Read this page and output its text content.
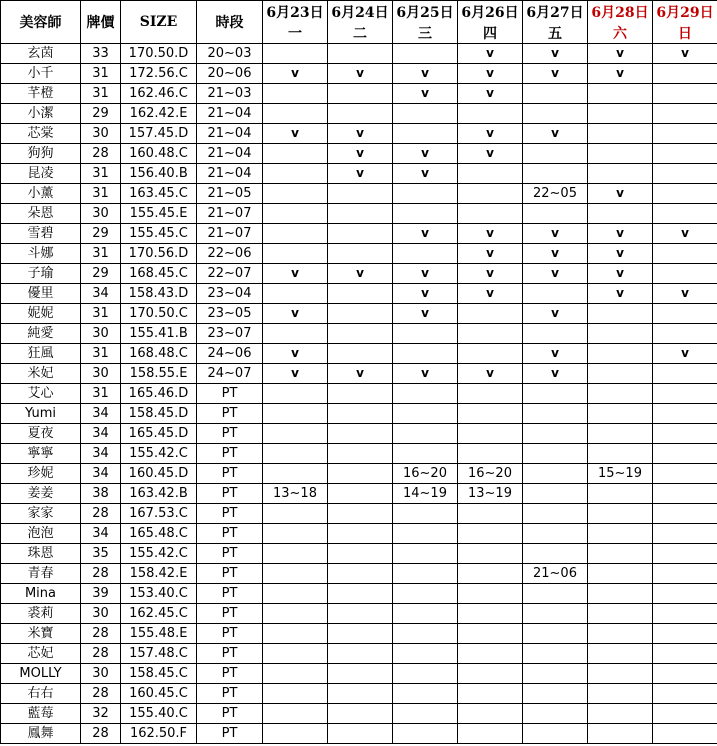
美容師	牌價	SIZE	時段	6月23日	6月24日	6月25日	6月26日	6月27日	6月28日	6月29日
				一	二	三	四	五	六	日
玄茵	33	170.50.D	20~03				v	v	v	v
小千	31	172.56.C	20~06	v	v	v	v	v	v	
芊橙	31	162.46.C	21~03			v	v			
小潔	29	162.42.E	21~04							
芯棠	30	157.45.D	21~04	v	v		v	v		
狗狗	28	160.48.C	21~04		v	v	v			
昆凌	31	156.40.B	21~04		v	v				
小薰	31	163.45.C	21~05					22~05	v	
朵恩	30	155.45.E	21~07							
雪碧	29	155.45.C	21~07			v	v	v	v	v
斗娜	31	170.56.D	22~06				v	v	v	
子瑜	29	168.45.C	22~07	v	v	v	v	v	v	
優里	34	158.43.D	23~04			v	v		v	v
妮妮	31	170.50.C	23~05	v		v		v		
純愛	30	155.41.B	23~07							
狂風	31	168.48.C	24~06	v				v		v
米妃	30	158.55.E	24~07	v	v	v	v	v		
艾心	31	165.46.D	PT							
Yumi	34	158.45.D	PT							
夏夜	34	165.45.D	PT							
寧寧	34	155.42.C	PT							
珍妮	34	160.45.D	PT			16~20	16~20		15~19	
姜姜	38	163.42.B	PT	13~18		14~19	13~19			
家家	28	167.53.C	PT							
泡泡	34	165.48.C	PT							
珠恩	35	155.42.C	PT							
青春	28	158.42.E	PT					21~06		
Mina	39	153.40.C	PT							
裘莉	30	162.45.C	PT							
米寶	28	155.48.E	PT							
芯妃	28	157.48.C	PT							
MOLLY	30	158.45.C	PT							
右右	28	160.45.C	PT							
藍莓	32	155.40.C	PT							
鳳舞	28	162.50.F	PT							
